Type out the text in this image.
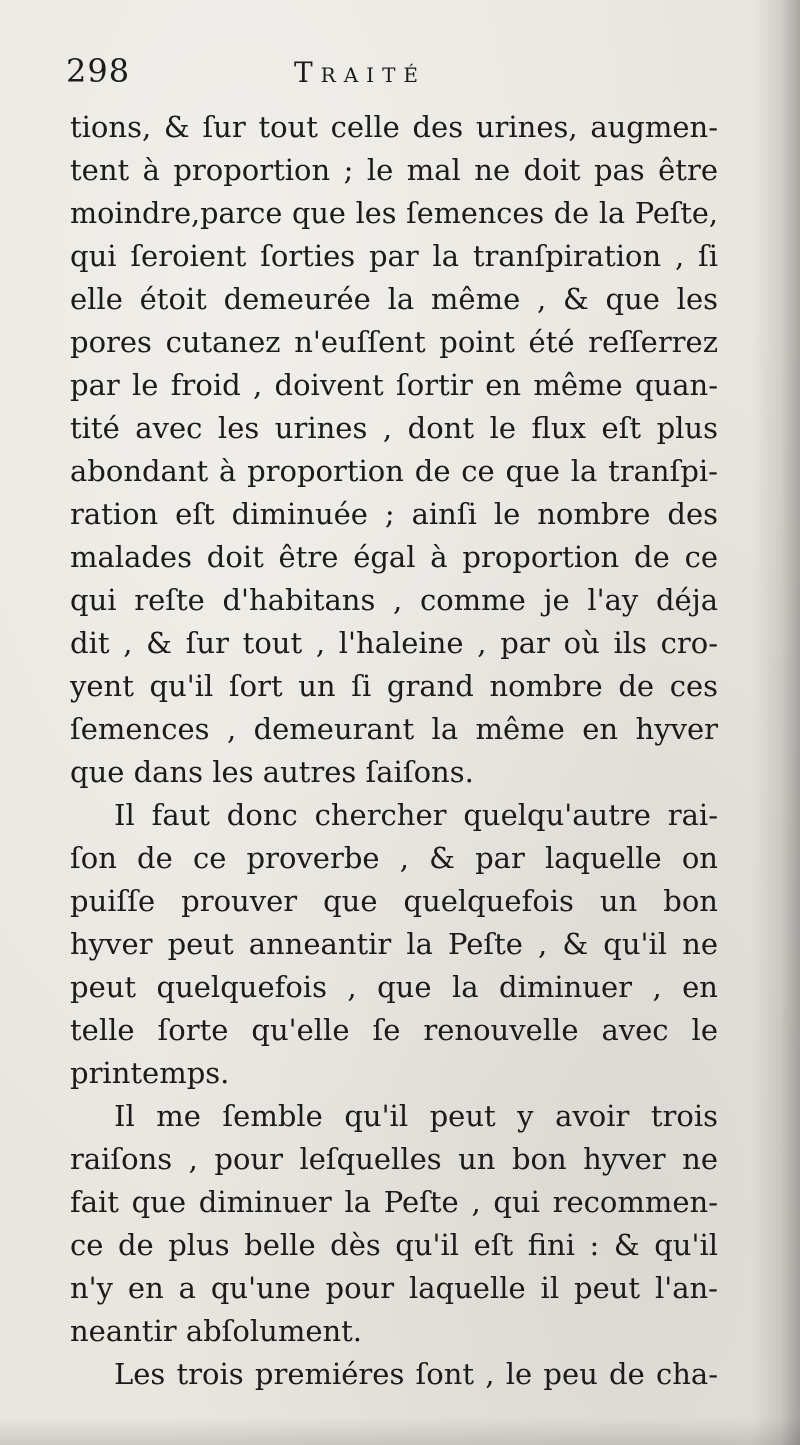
298	Traité
tions, & ſur tout celle des urines, augmen-
tent à proportion ; le mal ne doit pas être
moindre,parce que les ſemences de la Peſte,
qui ſeroient ſorties par la tranſpiration , ſi
elle étoit demeurée la même , & que les
pores cutanez n'euſſent point été reſſerrez
par le froid , doivent ſortir en même quan-
tité avec les urines , dont le flux eſt plus
abondant à proportion de ce que la tranſpi-
ration eſt diminuée ; ainſi le nombre des
malades doit être égal à proportion de ce
qui reſte d'habitans , comme je l'ay déja
dit , & ſur tout , l'haleine , par où ils cro-
yent qu'il ſort un ſi grand nombre de ces
ſemences , demeurant la même en hyver
que dans les autres ſaiſons.
Il faut donc chercher quelqu'autre rai-
ſon de ce proverbe , & par laquelle on
puiſſe prouver que quelquefois un bon
hyver peut anneantir la Peſte , & qu'il ne
peut quelquefois , que la diminuer , en
telle ſorte qu'elle ſe renouvelle avec le
printemps.
Il me ſemble qu'il peut y avoir trois
raiſons , pour leſquelles un bon hyver ne
fait que diminuer la Peſte , qui recommen-
ce de plus belle dès qu'il eſt fini : & qu'il
n'y en a qu'une pour laquelle il peut l'an-
neantir abſolument.
Les trois premiéres ſont , le peu de cha-
